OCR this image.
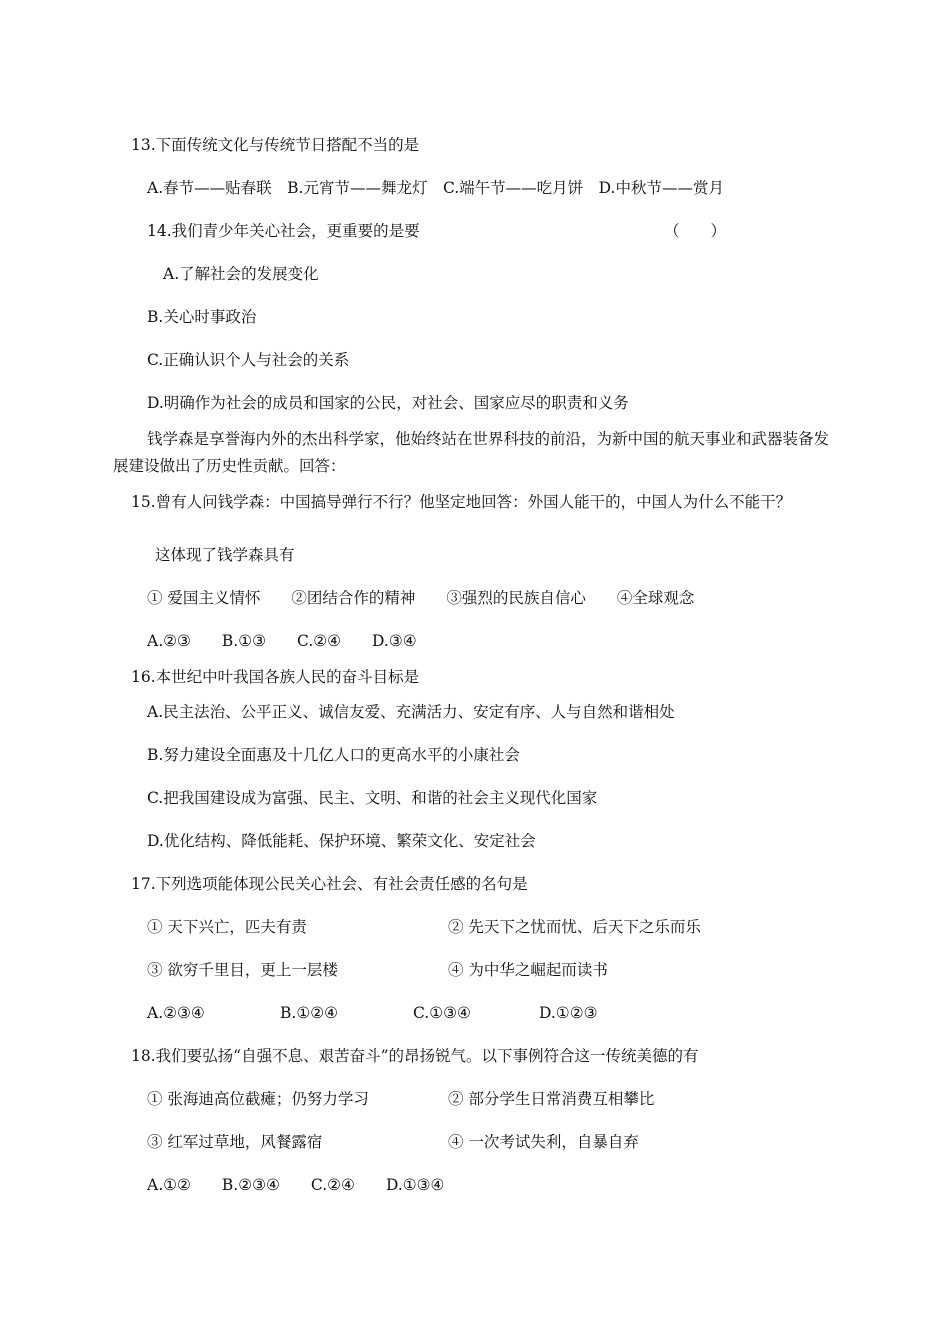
13.下面传统文化与传统节日搭配不当的是
A.春节——贴春联　B.元宵节——舞龙灯　C.端午节——吃月饼　D.中秋节——赏月
14.我们青少年关心社会，更重要的是要	（　　）
A.了解社会的发展变化
B.关心时事政治
C.正确认识个人与社会的关系
D.明确作为社会的成员和国家的公民，对社会、国家应尽的职责和义务
钱学森是享誉海内外的杰出科学家，他始终站在世界科技的前沿，为新中国的航天事业和武器装备发展建设做出了历史性贡献。回答：
15.曾有人问钱学森：中国搞导弹行不行？他坚定地回答：外国人能干的，中国人为什么不能干？
这体现了钱学森具有
① 爱国主义情怀　　②团结合作的精神　　③强烈的民族自信心　　④全球观念
A.②③　　B.①③　　C.②④　　D.③④
16.本世纪中叶我国各族人民的奋斗目标是
A.民主法治、公平正义、诚信友爱、充满活力、安定有序、人与自然和谐相处
B.努力建设全面惠及十几亿人口的更高水平的小康社会
C.把我国建设成为富强、民主、文明、和谐的社会主义现代化国家
D.优化结构、降低能耗、保护环境、繁荣文化、安定社会
17.下列选项能体现公民关心社会、有社会责任感的名句是
① 天下兴亡，匹夫有责	② 先天下之忧而忧、后天下之乐而乐
③ 欲穷千里目，更上一层楼	④ 为中华之崛起而读书
A.②③④	B.①②④	C.①③④	D.①②③
18.我们要弘扬“自强不息、艰苦奋斗”的昂扬锐气。以下事例符合这一传统美德的有
① 张海迪高位截瘫；仍努力学习	② 部分学生日常消费互相攀比
③ 红军过草地，风餐露宿	④ 一次考试失利，自暴自弃
A.①②　　B.②③④　　C.②④　　D.①③④
